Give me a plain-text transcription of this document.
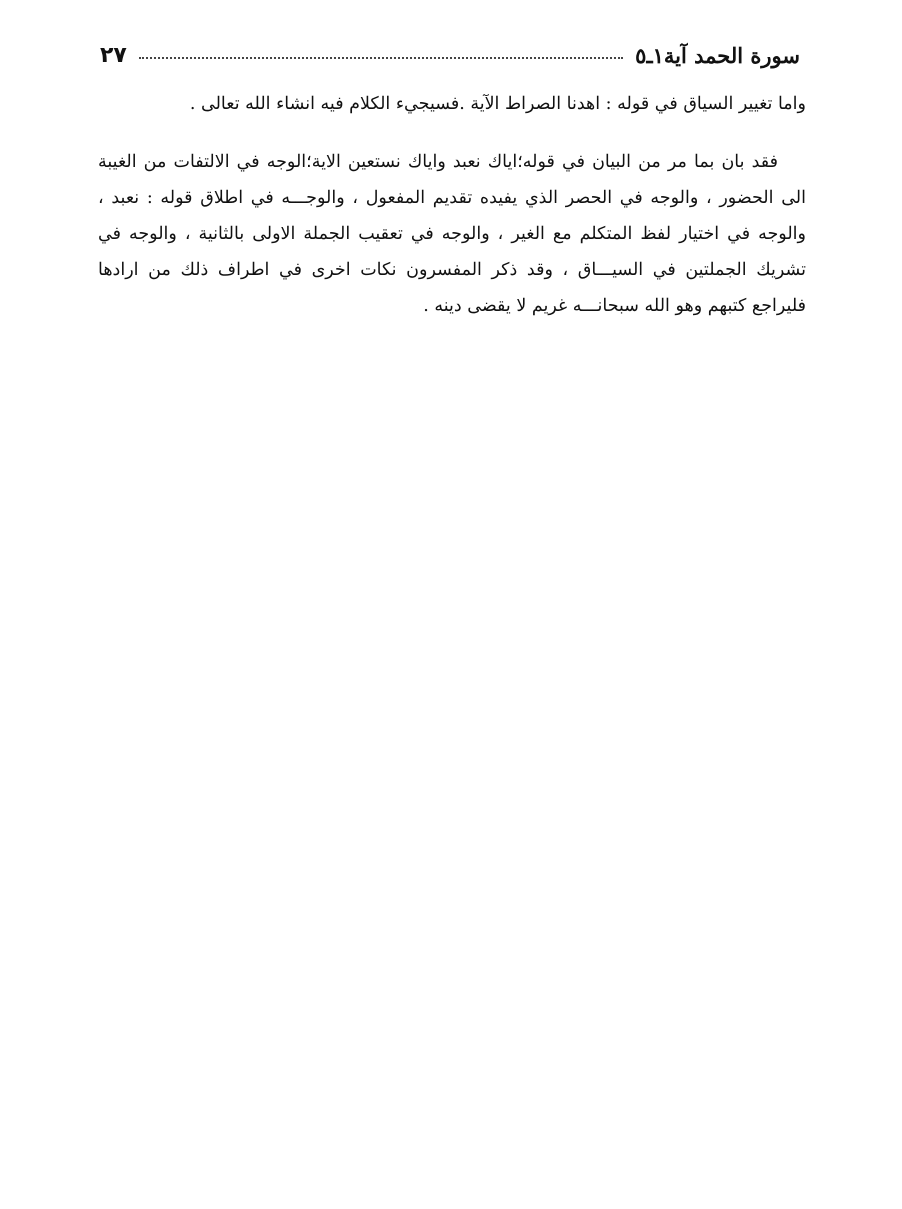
٢٧	سورة الحمد آية١ـ٥

واما تغيير السياق في قوله : اهدنا الصراط الآية .فسيجيء الكلام فيه انشاء الله تعالى .

فقد بان بما مر من البيان في قوله؛اياك نعبد واياك نستعين الاية؛الوجه في الالتفات من الغيبة الى الحضور ، والوجه في الحصر الذي يفيده تقديم المفعول ، والوجـــه في اطلاق قوله : نعبد ، والوجه في اختيار لفظ المتكلم مع الغير ، والوجه في تعقيب الجملة الاولى بالثانية ، والوجه في تشريك الجملتين في السيـــاق ، وقد ذكر المفسرون نكات اخرى في اطراف ذلك من ارادها فليراجع كتبهم وهو الله سبحانـــه غريم لا يقضى دينه .
